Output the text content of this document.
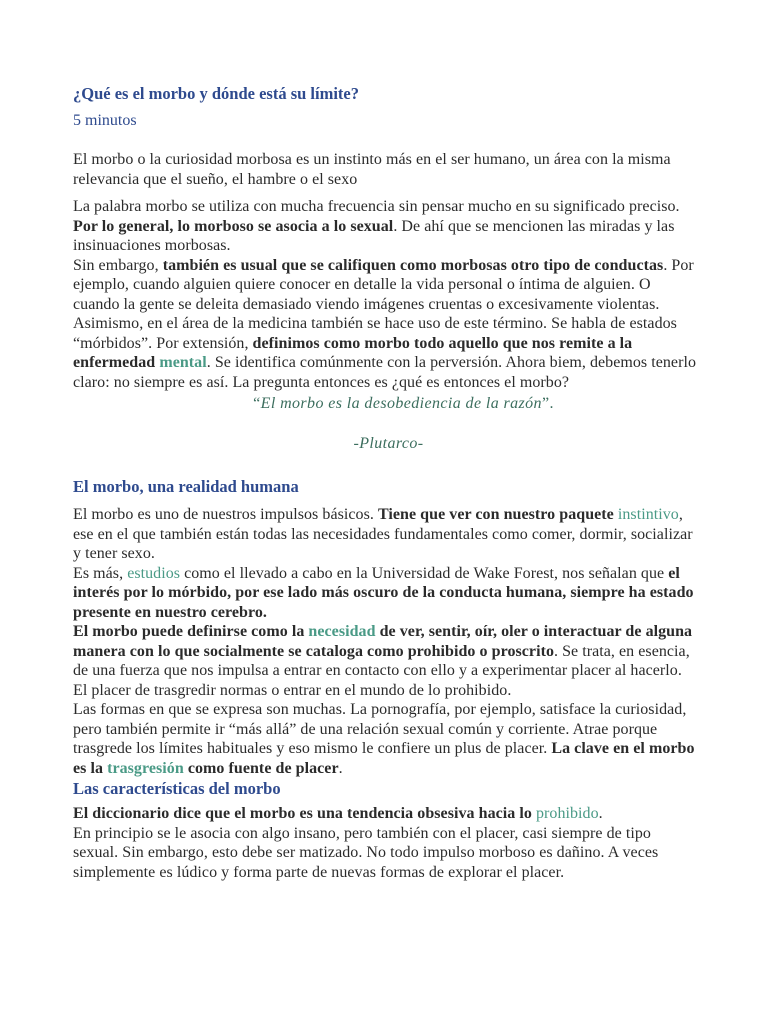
¿Qué es el morbo y dónde está su límite?
5 minutos

El morbo o la curiosidad morbosa es un instinto más en el ser humano, un área con la misma relevancia que el sueño, el hambre o el sexo

La palabra morbo se utiliza con mucha frecuencia sin pensar mucho en su significado preciso. Por lo general, lo morboso se asocia a lo sexual. De ahí que se mencionen las miradas y las insinuaciones morbosas.

Sin embargo, también es usual que se califiquen como morbosas otro tipo de conductas. Por ejemplo, cuando alguien quiere conocer en detalle la vida personal o íntima de alguien. O cuando la gente se deleita demasiado viendo imágenes cruentas o excesivamente violentas.

Asimismo, en el área de la medicina también se hace uso de este término. Se habla de estados “mórbidos”. Por extensión, definimos como morbo todo aquello que nos remite a la enfermedad mental. Se identifica comúnmente con la perversión. Ahora biem, debemos tenerlo claro: no siempre es así. La pregunta entonces es ¿qué es entonces el morbo?

“El morbo es la desobediencia de la razón”.
-Plutarco-
El morbo, una realidad humana

El morbo es uno de nuestros impulsos básicos. Tiene que ver con nuestro paquete instintivo, ese en el que también están todas las necesidades fundamentales como comer, dormir, socializar y tener sexo.

Es más, estudios como el llevado a cabo en la Universidad de Wake Forest, nos señalan que el interés por lo mórbido, por ese lado más oscuro de la conducta humana, siempre ha estado presente en nuestro cerebro.

El morbo puede definirse como la necesidad de ver, sentir, oír, oler o interactuar de alguna manera con lo que socialmente se cataloga como prohibido o proscrito. Se trata, en esencia, de una fuerza que nos impulsa a entrar en contacto con ello y a experimentar placer al hacerlo. El placer de trasgredir normas o entrar en el mundo de lo prohibido.

Las formas en que se expresa son muchas. La pornografía, por ejemplo, satisface la curiosidad, pero también permite ir “más allá” de una relación sexual común y corriente. Atrae porque trasgrede los límites habituales y eso mismo le confiere un plus de placer. La clave en el morbo es la trasgresión como fuente de placer.

Las características del morbo

El diccionario dice que el morbo es una tendencia obsesiva hacia lo prohibido.

En principio se le asocia con algo insano, pero también con el placer, casi siempre de tipo sexual. Sin embargo, esto debe ser matizado. No todo impulso morboso es dañino. A veces simplemente es lúdico y forma parte de nuevas formas de explorar el placer.
